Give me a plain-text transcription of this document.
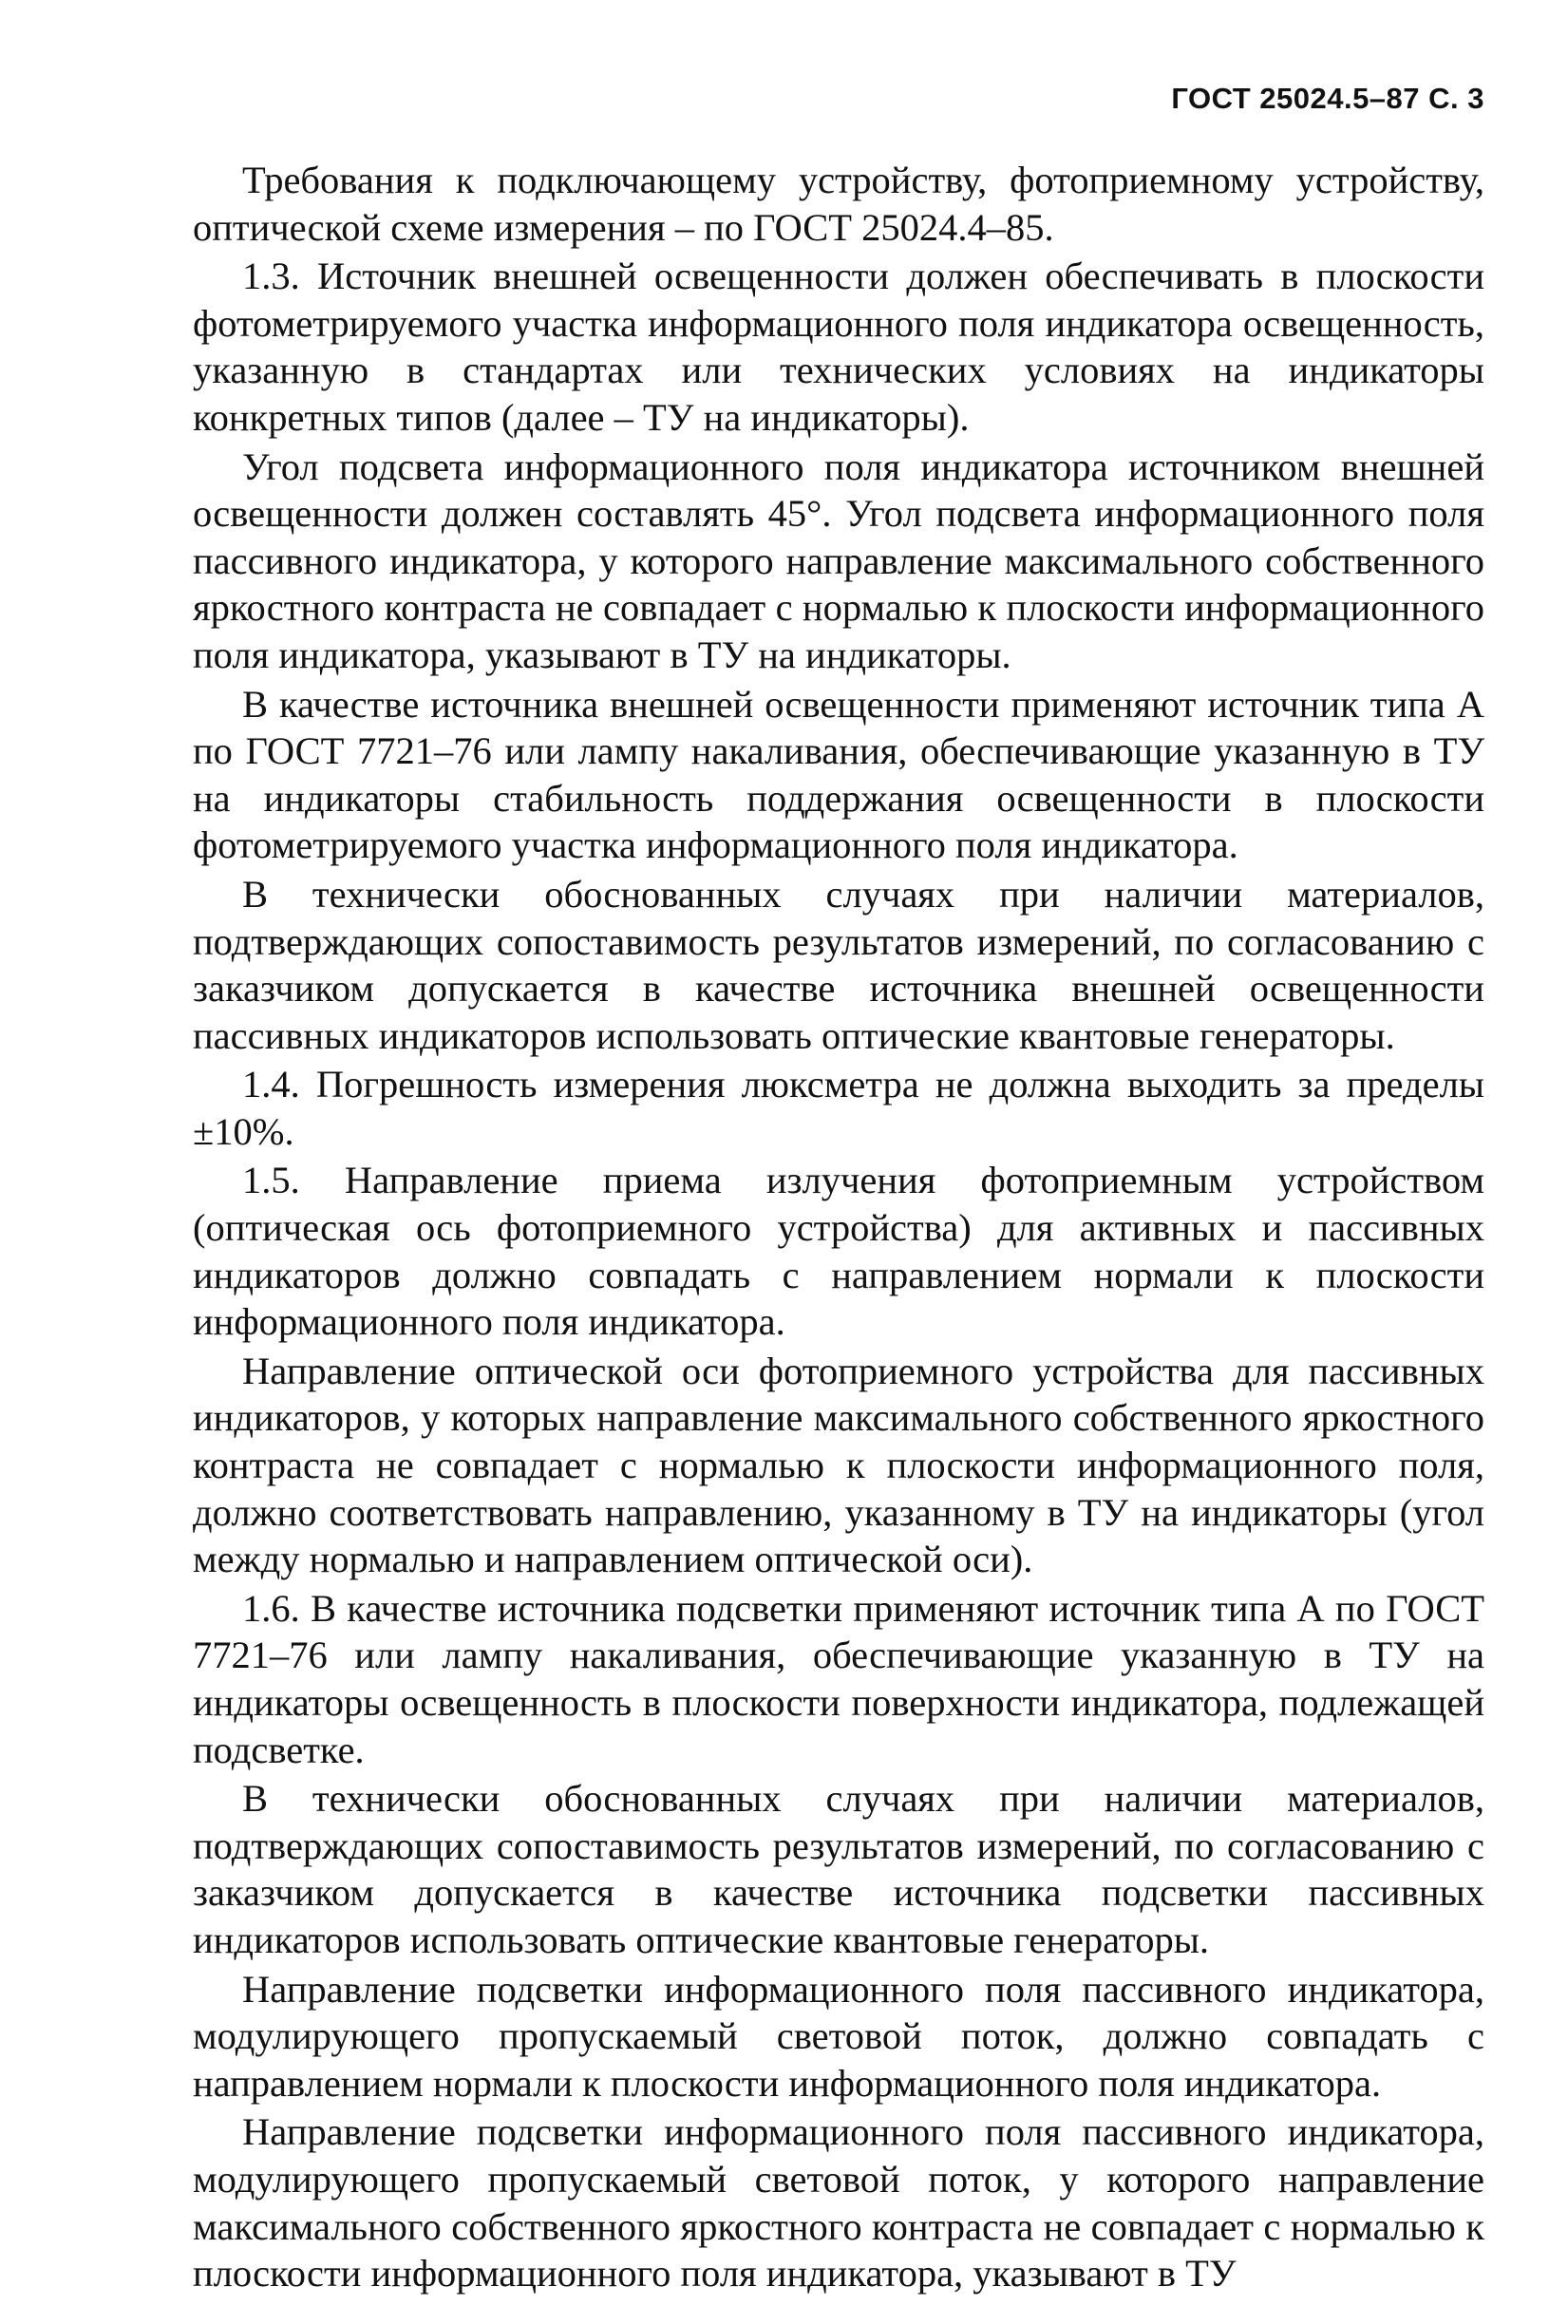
ГОСТ 25024.5–87 С. 3

Требования к подключающему устройству, фотоприемному устройству, оптической схеме измерения – по ГОСТ 25024.4–85.

1.3. Источник внешней освещенности должен обеспечивать в плоскости фотометрируемого участка информационного поля индикатора освещенность, указанную в стандартах или технических условиях на индикаторы конкретных типов (далее – ТУ на индикаторы).

Угол подсвета информационного поля индикатора источником внешней освещенности должен составлять 45°. Угол подсвета информационного поля пассивного индикатора, у которого направление максимального собственного яркостного контраста не совпадает с нормалью к плоскости информационного поля индикатора, указывают в ТУ на индикаторы.

В качестве источника внешней освещенности применяют источник типа А по ГОСТ 7721–76 или лампу накаливания, обеспечивающие указанную в ТУ на индикаторы стабильность поддержания освещенности в плоскости фотометрируемого участка информационного поля индикатора.

В технически обоснованных случаях при наличии материалов, подтверждающих сопоставимость результатов измерений, по согласованию с заказчиком допускается в качестве источника внешней освещенности пассивных индикаторов использовать оптические квантовые генераторы.

1.4. Погрешность измерения люксметра не должна выходить за пределы ±10%.

1.5. Направление приема излучения фотоприемным устройством (оптическая ось фотоприемного устройства) для активных и пассивных индикаторов должно совпадать с направлением нормали к плоскости информационного поля индикатора.

Направление оптической оси фотоприемного устройства для пассивных индикаторов, у которых направление максимального собственного яркостного контраста не совпадает с нормалью к плоскости информационного поля, должно соответствовать направлению, указанному в ТУ на индикаторы (угол между нормалью и направлением оптической оси).

1.6. В качестве источника подсветки применяют источник типа А по ГОСТ 7721–76 или лампу накаливания, обеспечивающие указанную в ТУ на индикаторы освещенность в плоскости поверхности индикатора, подлежащей подсветке.

В технически обоснованных случаях при наличии материалов, подтверждающих сопоставимость результатов измерений, по согласованию с заказчиком допускается в качестве источника подсветки пассивных индикаторов использовать оптические квантовые генераторы.

Направление подсветки информационного поля пассивного индикатора, модулирующего пропускаемый световой поток, должно совпадать с направлением нормали к плоскости информационного поля индикатора.

Направление подсветки информационного поля пассивного индикатора, модулирующего пропускаемый световой поток, у которого направление максимального собственного яркостного контраста не совпадает с нормалью к плоскости информационного поля индикатора, указывают в ТУ
